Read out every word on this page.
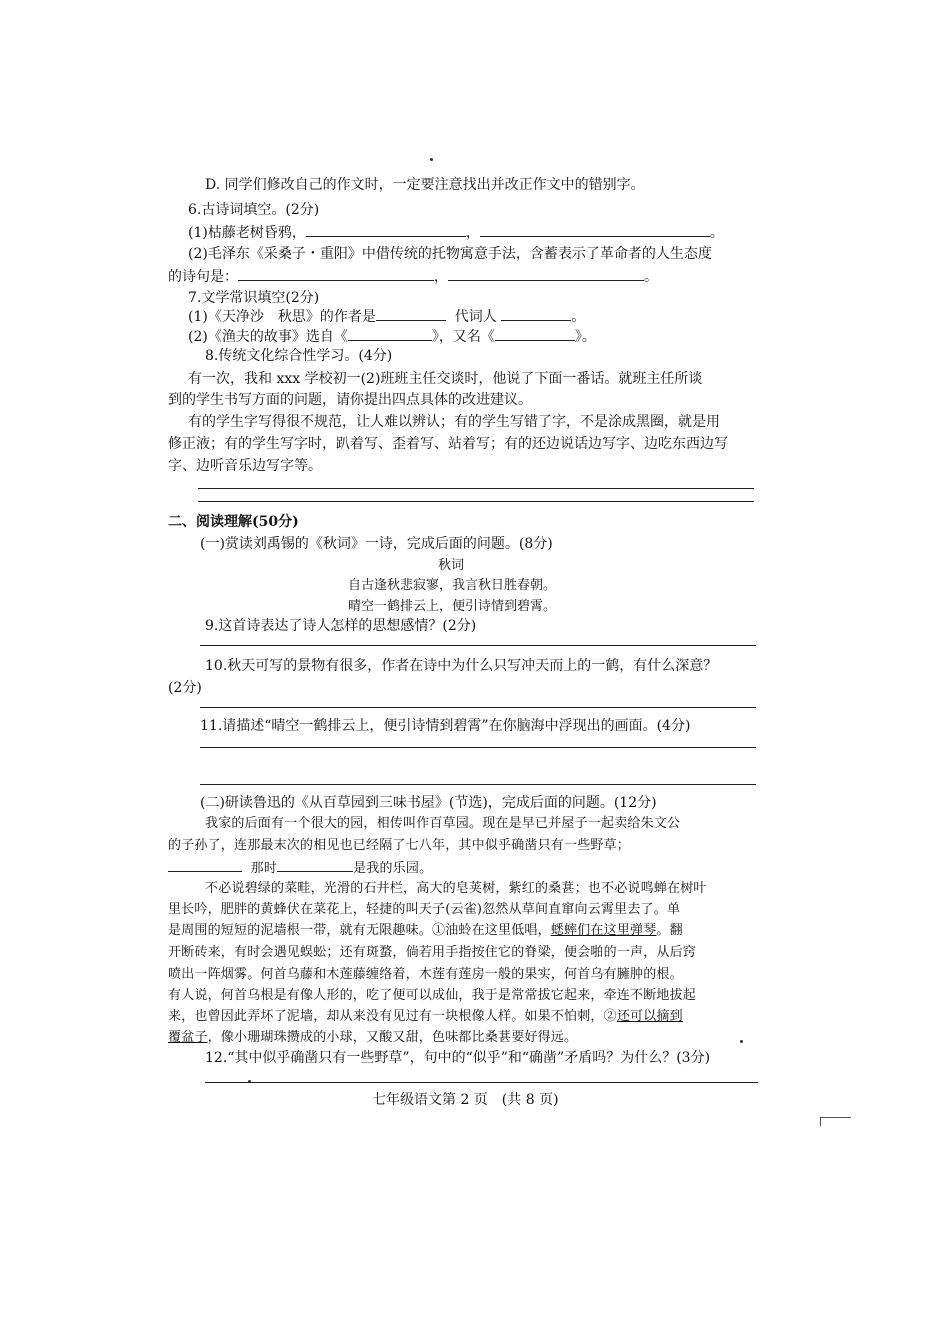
D. 同学们修改自己的作文时，一定要注意找出并改正作文中的错别字。
6.古诗词填空。(2分)
(1)枯藤老树昏鸦，	，	。
(2)毛泽东《采桑子・重阳》中借传统的托物寓意手法，含蓄表示了革命者的人生态度
的诗句是：	，	。
7.文学常识填空(2分)
(1)《天净沙　秋思》的作者是	代词人	。
(2)《渔夫的故事》选自《	》，又名《	》。
8.传统文化综合性学习。(4分)
有一次，我和 xxx 学校初一(2)班班主任交谈时，他说了下面一番话。就班主任所谈
到的学生书写方面的问题，请你提出四点具体的改进建议。
有的学生字写得很不规范，让人难以辨认；有的学生写错了字，不是涂成黑圈，就是用
修正液；有的学生写字时，趴着写、歪着写、站着写；有的还边说话边写字、边吃东西边写
字、边听音乐边写字等。
二、阅读理解(50分)
(一)赏读刘禹锡的《秋词》一诗，完成后面的问题。(8分)
秋词
自古逢秋悲寂寥，我言秋日胜春朝。
晴空一鹤排云上，便引诗情到碧霄。
9.这首诗表达了诗人怎样的思想感情？(2分)
10.秋天可写的景物有很多，作者在诗中为什么只写冲天而上的一鹤，有什么深意？
(2分)
11.请描述“晴空一鹤排云上，便引诗情到碧霄”在你脑海中浮现出的画面。(4分)
(二)研读鲁迅的《从百草园到三味书屋》(节选)，完成后面的问题。(12分)
我家的后面有一个很大的园，相传叫作百草园。现在是早已并屋子一起卖给朱文公
的子孙了，连那最末次的相见也已经隔了七八年，其中似乎确凿只有一些野草；
那时	是我的乐园。
不必说碧绿的菜畦，光滑的石井栏，高大的皂荚树，紫红的桑葚；也不必说鸣蝉在树叶
里长吟，肥胖的黄蜂伏在菜花上，轻捷的叫天子(云雀)忽然从草间直窜向云霄里去了。单
是周围的短短的泥墙根一带，就有无限趣味。①油蛉在这里低唱，蟋蟀们在这里弹琴。翻
开断砖来，有时会遇见蜈蚣；还有斑蝥，倘若用手指按住它的脊梁，便会啪的一声，从后窍
喷出一阵烟雾。何首乌藤和木莲藤缠络着，木莲有莲房一般的果实，何首乌有臃肿的根。
有人说，何首乌根是有像人形的，吃了便可以成仙，我于是常常拔它起来，牵连不断地拔起
来，也曾因此弄坏了泥墙，却从来没有见过有一块根像人样。如果不怕刺，②还可以摘到
覆盆子，像小珊瑚珠攒成的小球，又酸又甜，色味都比桑葚要好得远。
12.“其中似乎确凿只有一些野草”，句中的“似乎”和“确凿”矛盾吗？为什么？(3分)
七年级语文第 2 页　(共 8 页)
